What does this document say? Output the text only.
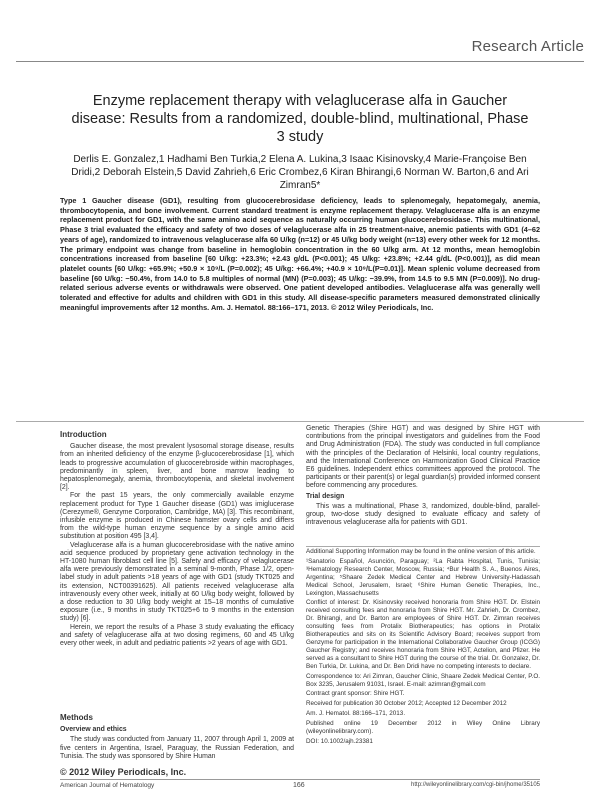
Research Article
Enzyme replacement therapy with velaglucerase alfa in Gaucher disease: Results from a randomized, double-blind, multinational, Phase 3 study
Derlis E. Gonzalez,1 Hadhami Ben Turkia,2 Elena A. Lukina,3 Isaac Kisinovsky,4 Marie-Françoise Ben Dridi,2 Deborah Elstein,5 David Zahrieh,6 Eric Crombez,6 Kiran Bhirangi,6 Norman W. Barton,6 and Ari Zimran5*
Type 1 Gaucher disease (GD1), resulting from glucocerebrosidase deficiency, leads to splenomegaly, hepatomegaly, anemia, thrombocytopenia, and bone involvement. Current standard treatment is enzyme replacement therapy. Velaglucerase alfa is an enzyme replacement product for GD1, with the same amino acid sequence as naturally occurring human glucocerebrosidase. This multinational, Phase 3 trial evaluated the efficacy and safety of two doses of velaglucerase alfa in 25 treatment-naive, anemic patients with GD1 (4–62 years of age), randomized to intravenous velaglucerase alfa 60 U/kg (n=12) or 45 U/kg body weight (n=13) every other week for 12 months. The primary endpoint was change from baseline in hemoglobin concentration in the 60 U/kg arm. At 12 months, mean hemoglobin concentrations increased from baseline [60 U/kg: +23.3%; +2.43 g/dL (P<0.001); 45 U/kg: +23.8%; +2.44 g/dL (P<0.001)], as did mean platelet counts [60 U/kg: +65.9%; +50.9 × 10⁹/L (P=0.002); 45 U/kg: +66.4%; +40.9 × 10⁹/L(P=0.01)]. Mean splenic volume decreased from baseline [60 U/kg: −50.4%, from 14.0 to 5.8 multiples of normal (MN) (P=0.003); 45 U/kg: −39.9%, from 14.5 to 9.5 MN (P=0.009)]. No drug-related serious adverse events or withdrawals were observed. One patient developed antibodies. Velaglucerase alfa was generally well tolerated and effective for adults and children with GD1 in this study. All disease-specific parameters measured demonstrated clinically meaningful improvements after 12 months. Am. J. Hematol. 88:166–171, 2013. © 2012 Wiley Periodicals, Inc.
Introduction

Gaucher disease, the most prevalent lysosomal storage disease, results from an inherited deficiency of the enzyme β-glucocerebrosidase [1], which leads to progressive accumulation of glucocerebroside within macrophages, predominantly in spleen, liver, and bone marrow leading to hepatosplenomegaly, anemia, thrombocytopenia, and skeletal involvement [2].

For the past 15 years, the only commercially available enzyme replacement product for Type 1 Gaucher disease (GD1) was imiglucerase (Cerezyme®, Genzyme Corporation, Cambridge, MA) [3]. This recombinant, infusible enzyme is produced in Chinese hamster ovary cells and differs from the wild-type human enzyme sequence by a single amino acid substitution at position 495 [3,4].

Velaglucerase alfa is a human glucocerebrosidase with the native amino acid sequence produced by proprietary gene activation technology in the HT-1080 human fibroblast cell line [5]. Safety and efficacy of velaglucerase alfa were previously demonstrated in a seminal 9-month, Phase 1/2, open-label study in adult patients >18 years of age with GD1 (study TKT025 and its extension, NCT00391625). All patients received velaglucerase alfa intravenously every other week, initially at 60 U/kg body weight, followed by a dose reduction to 30 U/kg body weight at 15–18 months of cumulative exposure (i.e., 9 months in study TKT025+6 to 9 months in the extension study) [6].

Herein, we report the results of a Phase 3 study evaluating the efficacy and safety of velaglucerase alfa at two dosing regimens, 60 and 45 U/kg every other week, in adult and pediatric patients >2 years of age with GD1.

Methods
Overview and ethics

The study was conducted from January 11, 2007 through April 1, 2009 at five centers in Argentina, Israel, Paraguay, the Russian Federation, and Tunisia. The study was sponsored by Shire Human

Genetic Therapies (Shire HGT) and was designed by Shire HGT with contributions from the principal investigators and guidelines from the Food and Drug Administration (FDA). The study was conducted in full compliance with the principles of the Declaration of Helsinki, local country regulations, and the International Conference on Harmonization Good Clinical Practice E6 guidelines. Independent ethics committees approved the protocol. The participants or their parent(s) or legal guardian(s) provided informed consent before commencing any procedures.

Trial design

This was a multinational, Phase 3, randomized, double-blind, parallel-group, two-dose study designed to evaluate efficacy and safety of intravenous velaglucerase alfa for patients with GD1.

Additional Supporting Information may be found in the online version of this article.
¹Sanatorio Español, Asunción, Paraguay; ²La Rabta Hospital, Tunis, Tunisia; ³Hematology Research Center, Moscow, Russia; ⁴Bur Health S. A., Buenos Aires, Argentina; ⁵Shaare Zedek Medical Center and Hebrew University-Hadassah Medical School, Jerusalem, Israel; ⁶Shire Human Genetic Therapies, Inc., Lexington, Massachusetts
Conflict of interest: Dr. Kisinovsky received honoraria from Shire HGT. Dr. Elstein received consulting fees and honoraria from Shire HGT. Mr. Zahrieh, Dr. Crombez, Dr. Bhirangi, and Dr. Barton are employees of Shire HGT. Dr. Zimran receives consulting fees from Protalix Biotherapeutics; has options in Protalix Biotherapeutics and sits on its Scientific Advisory Board; receives support from Genzyme for participation in the International Collaborative Gaucher Group (ICGG) Gaucher Registry; and receives honoraria from Shire HGT, Actelion, and Pfizer. He served as a consultant to Shire HGT during the course of the trial. Dr. Gonzalez, Dr. Ben Turkia, Dr. Lukina, and Dr. Ben Dridi have no competing interests to declare.
Correspondence to: Ari Zimran, Gaucher Clinic, Shaare Zedek Medical Center, P.O. Box 3235, Jerusalem 91031, Israel. E-mail: azimran@gmail.com
Contract grant sponsor: Shire HGT.
Received for publication 30 October 2012; Accepted 12 December 2012
Am. J. Hematol. 88:166–171, 2013.
Published online 19 December 2012 in Wiley Online Library (wileyonlinelibrary.com).
DOI: 10.1002/ajh.23381
© 2012 Wiley Periodicals, Inc.
American Journal of Hematology	166	http://wileyonlinelibrary.com/cgi-bin/jhome/35105
